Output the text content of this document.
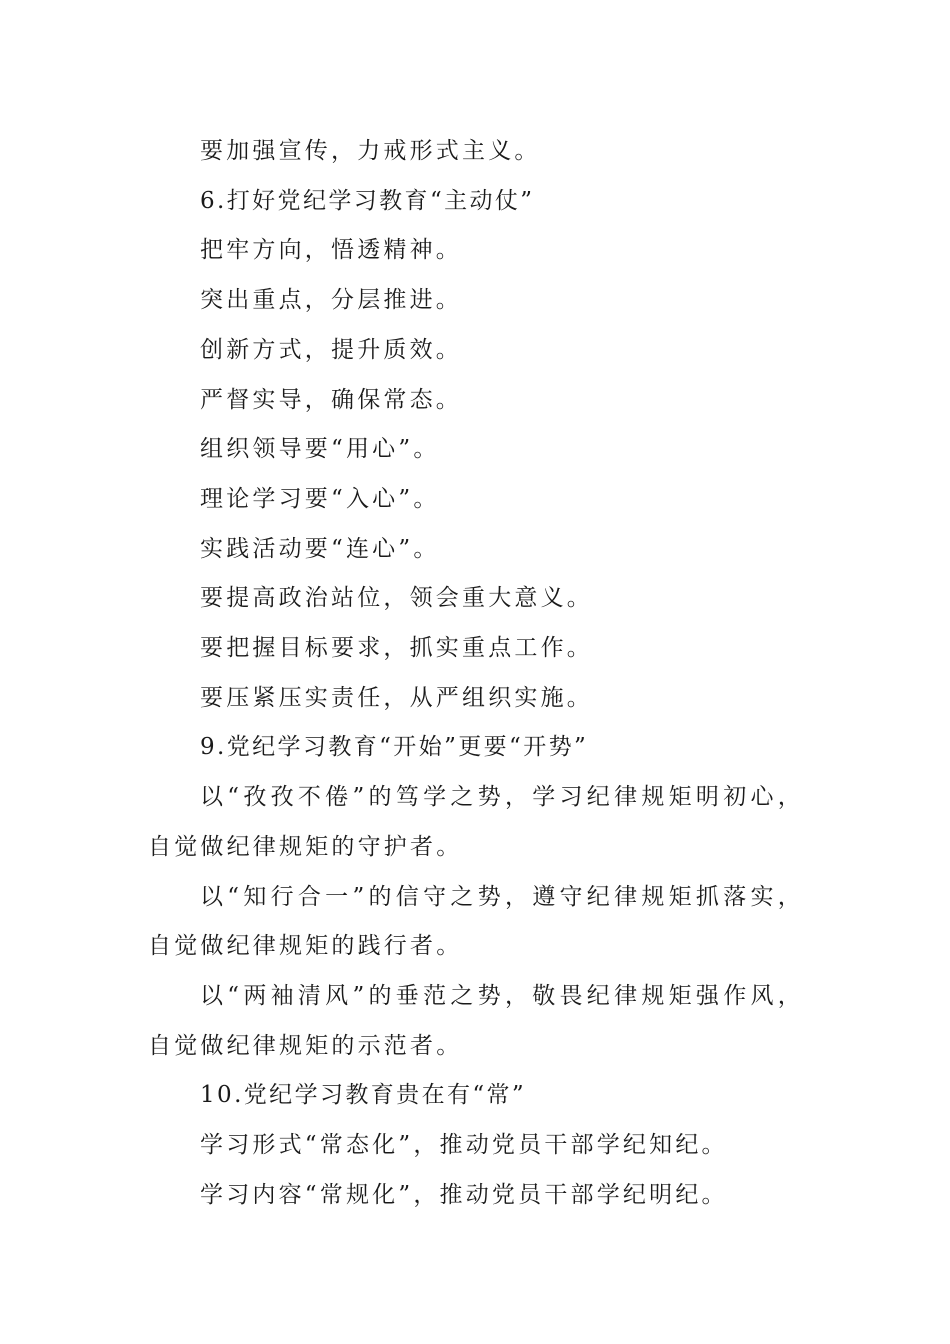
要加强宣传，力戒形式主义。

6.打好党纪学习教育“主动仗”

把牢方向，悟透精神。

突出重点，分层推进。

创新方式，提升质效。

严督实导，确保常态。

组织领导要“用心”。

理论学习要“入心”。

实践活动要“连心”。

要提高政治站位，领会重大意义。

要把握目标要求，抓实重点工作。

要压紧压实责任，从严组织实施。

9.党纪学习教育“开始”更要“开势”

以“孜孜不倦”的笃学之势，学习纪律规矩明初心，自觉做纪律规矩的守护者。

以“知行合一”的信守之势，遵守纪律规矩抓落实，自觉做纪律规矩的践行者。

以“两袖清风”的垂范之势，敬畏纪律规矩强作风，自觉做纪律规矩的示范者。

10.党纪学习教育贵在有“常”

学习形式“常态化”，推动党员干部学纪知纪。

学习内容“常规化”，推动党员干部学纪明纪。
